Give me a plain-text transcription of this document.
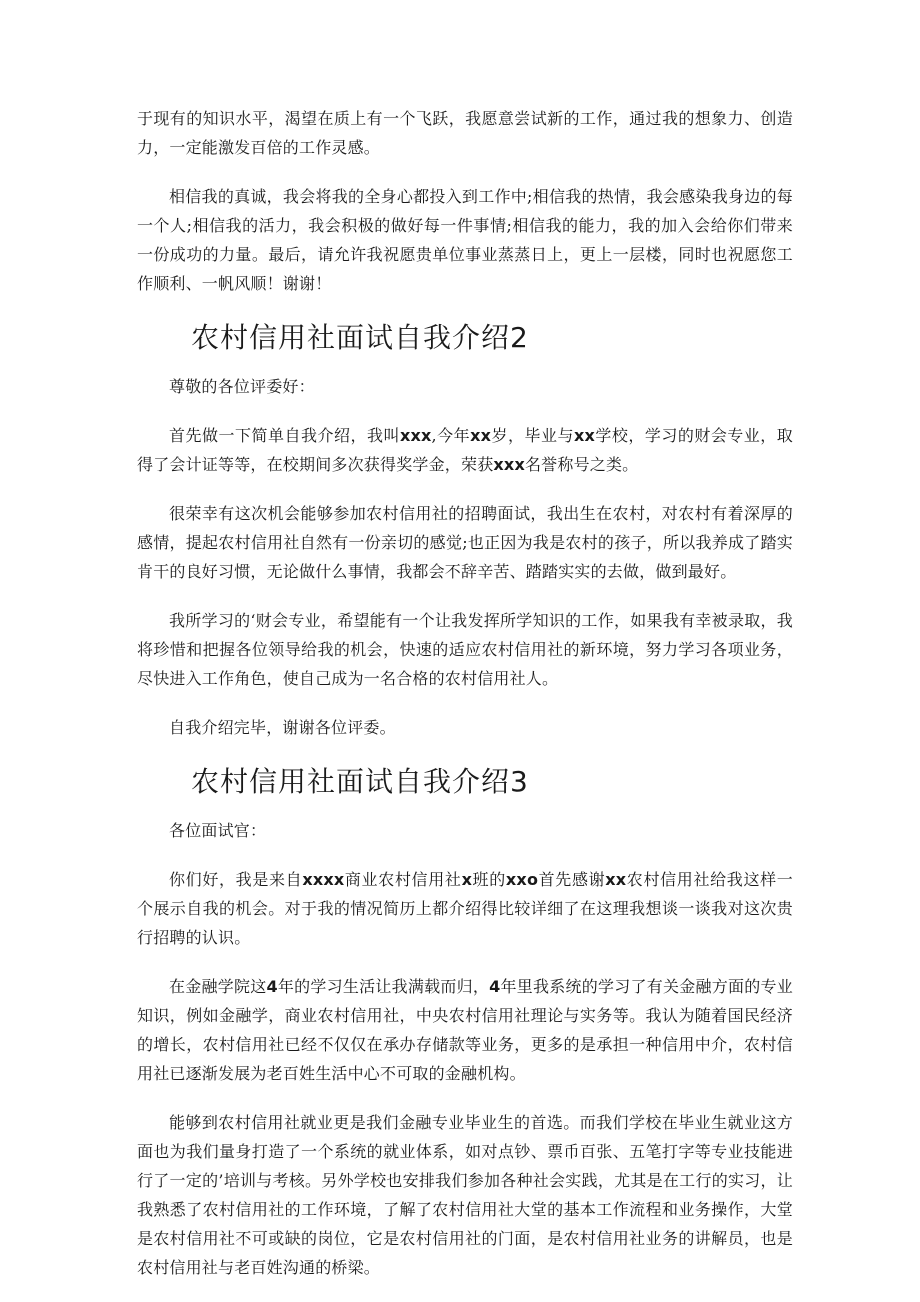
于现有的知识水平，渴望在质上有一个飞跃，我愿意尝试新的工作，通过我的想象力、创造力，一定能激发百倍的工作灵感。

相信我的真诚，我会将我的全身心都投入到工作中;相信我的热情，我会感染我身边的每一个人;相信我的活力，我会积极的做好每一件事情;相信我的能力，我的加入会给你们带来一份成功的力量。最后，请允许我祝愿贵单位事业蒸蒸日上，更上一层楼，同时也祝愿您工作顺利、一帆风顺！谢谢！

农村信用社面试自我介绍2

尊敬的各位评委好：

首先做一下简单自我介绍，我叫xxx,今年xx岁，毕业与xx学校，学习的财会专业，取得了会计证等等，在校期间多次获得奖学金，荣获xxx名誉称号之类。

很荣幸有这次机会能够参加农村信用社的招聘面试，我出生在农村，对农村有着深厚的感情，提起农村信用社自然有一份亲切的感觉;也正因为我是农村的孩子，所以我养成了踏实肯干的良好习惯，无论做什么事情，我都会不辞辛苦、踏踏实实的去做，做到最好。

我所学习的‘财会专业，希望能有一个让我发挥所学知识的工作，如果我有幸被录取，我将珍惜和把握各位领导给我的机会，快速的适应农村信用社的新环境，努力学习各项业务，尽快进入工作角色，使自己成为一名合格的农村信用社人。

自我介绍完毕，谢谢各位评委。

农村信用社面试自我介绍3

各位面试官：

你们好，我是来自xxxx商业农村信用社x班的xxo首先感谢xx农村信用社给我这样一个展示自我的机会。对于我的情况简历上都介绍得比较详细了在这理我想谈一谈我对这次贵行招聘的认识。

在金融学院这4年的学习生活让我满载而归，4年里我系统的学习了有关金融方面的专业知识，例如金融学，商业农村信用社，中央农村信用社理论与实务等。我认为随着国民经济的增长，农村信用社已经不仅仅在承办存储款等业务，更多的是承担一种信用中介，农村信用社已逐渐发展为老百姓生活中心不可取的金融机构。

能够到农村信用社就业更是我们金融专业毕业生的首选。而我们学校在毕业生就业这方面也为我们量身打造了一个系统的就业体系，如对点钞、票币百张、五笔打字等专业技能进行了一定的’培训与考核。另外学校也安排我们参加各种社会实践，尤其是在工行的实习，让我熟悉了农村信用社的工作环境，了解了农村信用社大堂的基本工作流程和业务操作，大堂是农村信用社不可或缺的岗位，它是农村信用社的门面，是农村信用社业务的讲解员，也是农村信用社与老百姓沟通的桥梁。
